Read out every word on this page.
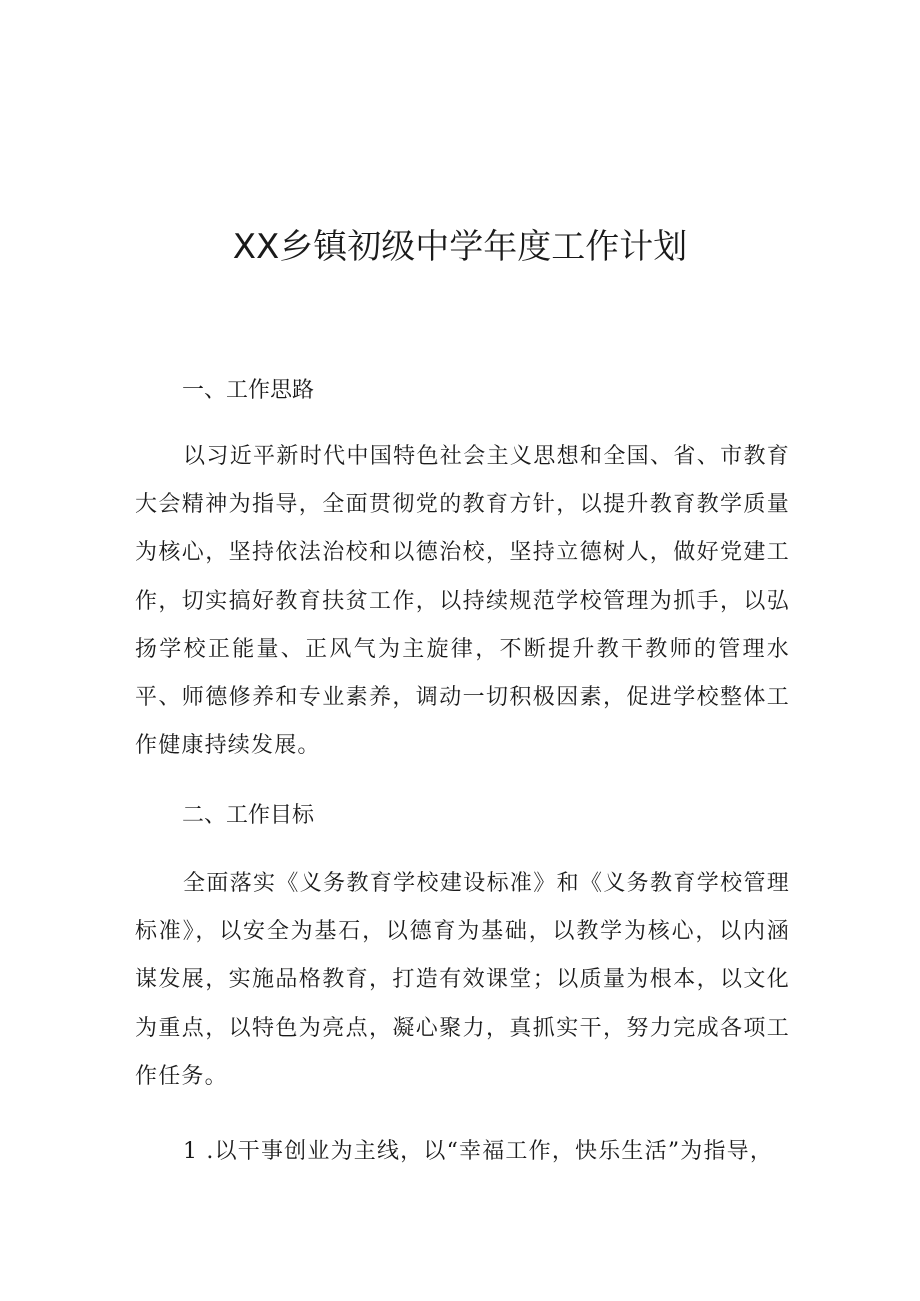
XX乡镇初级中学年度工作计划
一、工作思路

以习近平新时代中国特色社会主义思想和全国、省、市教育大会精神为指导，全面贯彻党的教育方针，以提升教育教学质量为核心，坚持依法治校和以德治校，坚持立德树人，做好党建工作，切实搞好教育扶贫工作，以持续规范学校管理为抓手，以弘扬学校正能量、正风气为主旋律，不断提升教干教师的管理水平、师德修养和专业素养，调动一切积极因素，促进学校整体工作健康持续发展。

二、工作目标

全面落实《义务教育学校建设标准》和《义务教育学校管理标准》，以安全为基石，以德育为基础，以教学为核心，以内涵谋发展，实施品格教育，打造有效课堂；以质量为根本，以文化为重点，以特色为亮点，凝心聚力，真抓实干，努力完成各项工作任务。

1 .以干事创业为主线，以“幸福工作，快乐生活”为指导，
